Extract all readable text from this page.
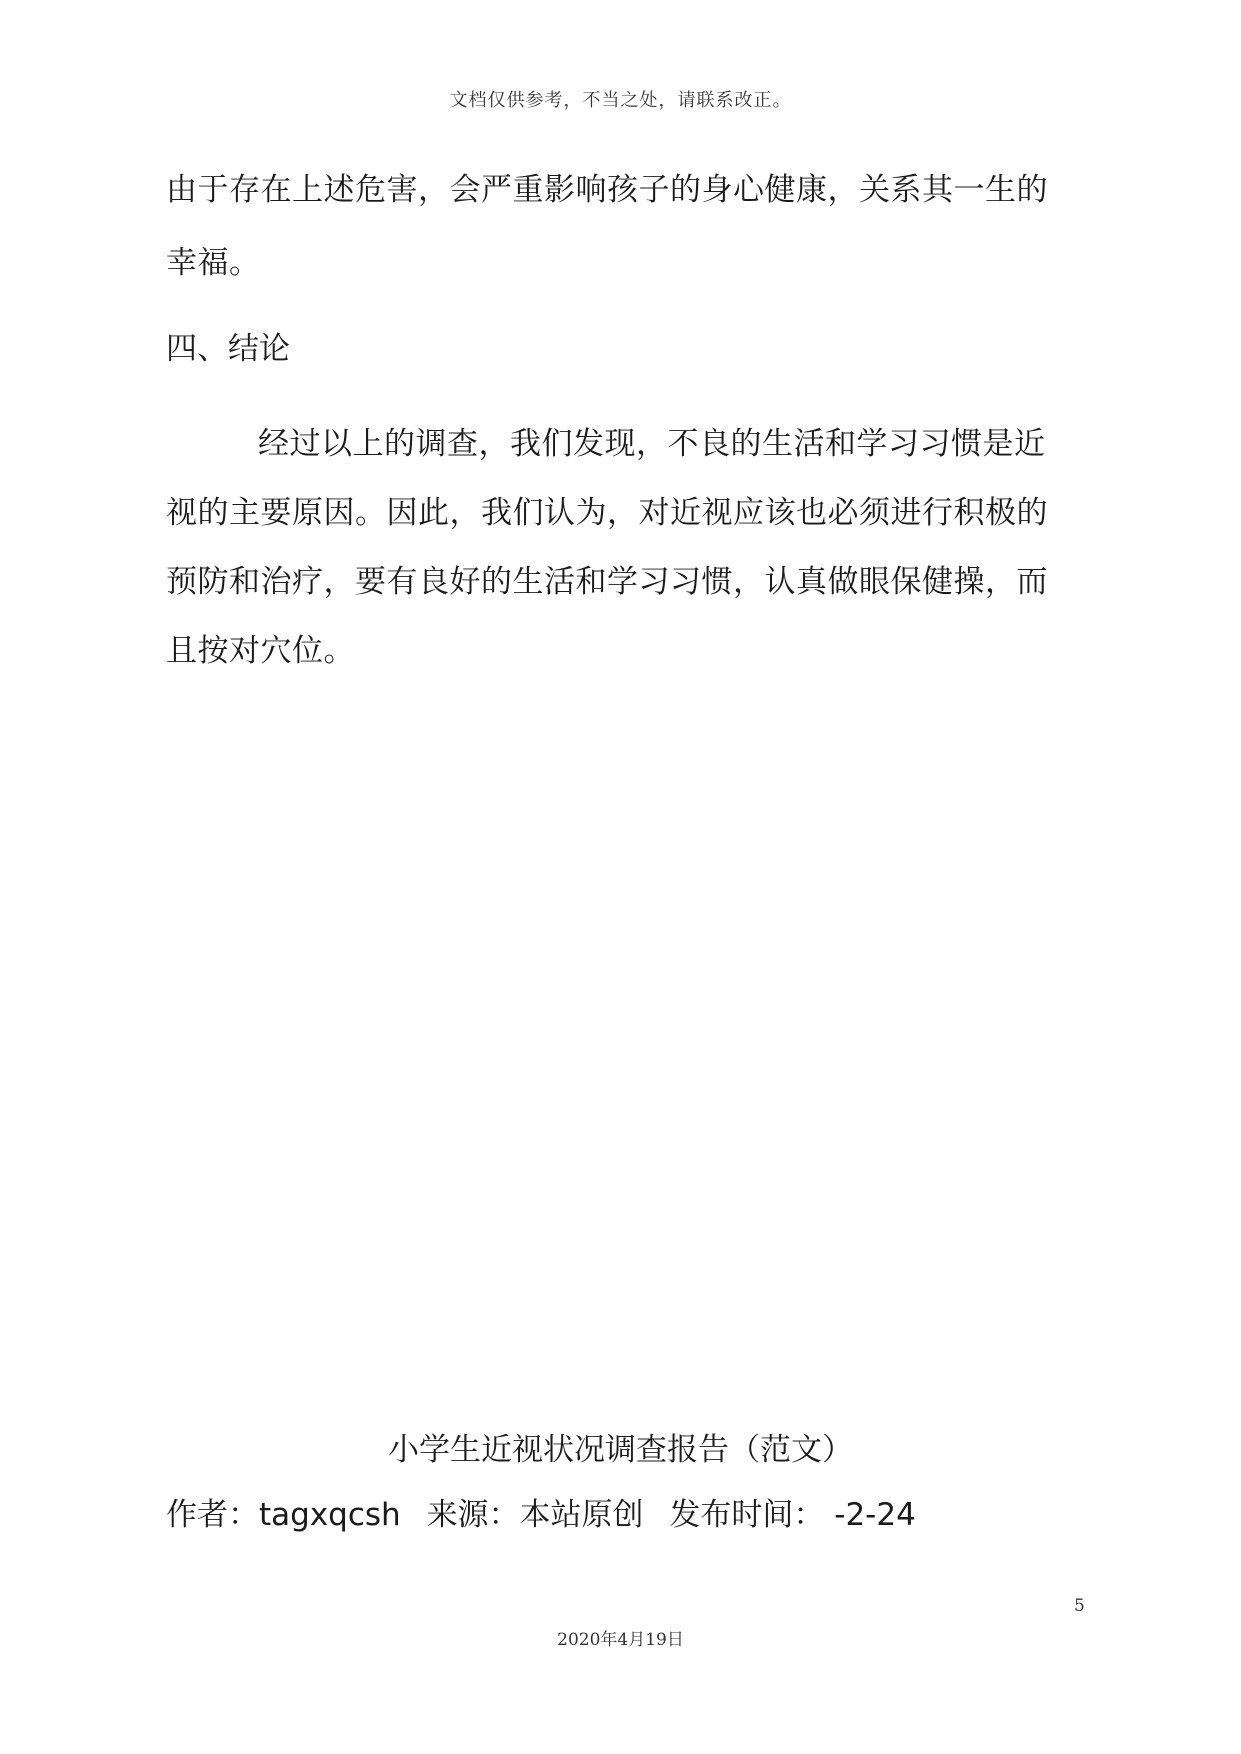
文档仅供参考，不当之处，请联系改正。
由于存在上述危害，会严重影响孩子的身心健康，关系其一生的幸福。
四、结论
经过以上的调查，我们发现，不良的生活和学习习惯是近视的主要原因。因此，我们认为，对近视应该也必须进行积极的预防和治疗，要有良好的生活和学习习惯，认真做眼保健操，而且按对穴位。
小学生近视状况调查报告（范文）
作者：tagxqcsh 来源：本站原创 发布时间： -2-24
5
2020年4月19日
